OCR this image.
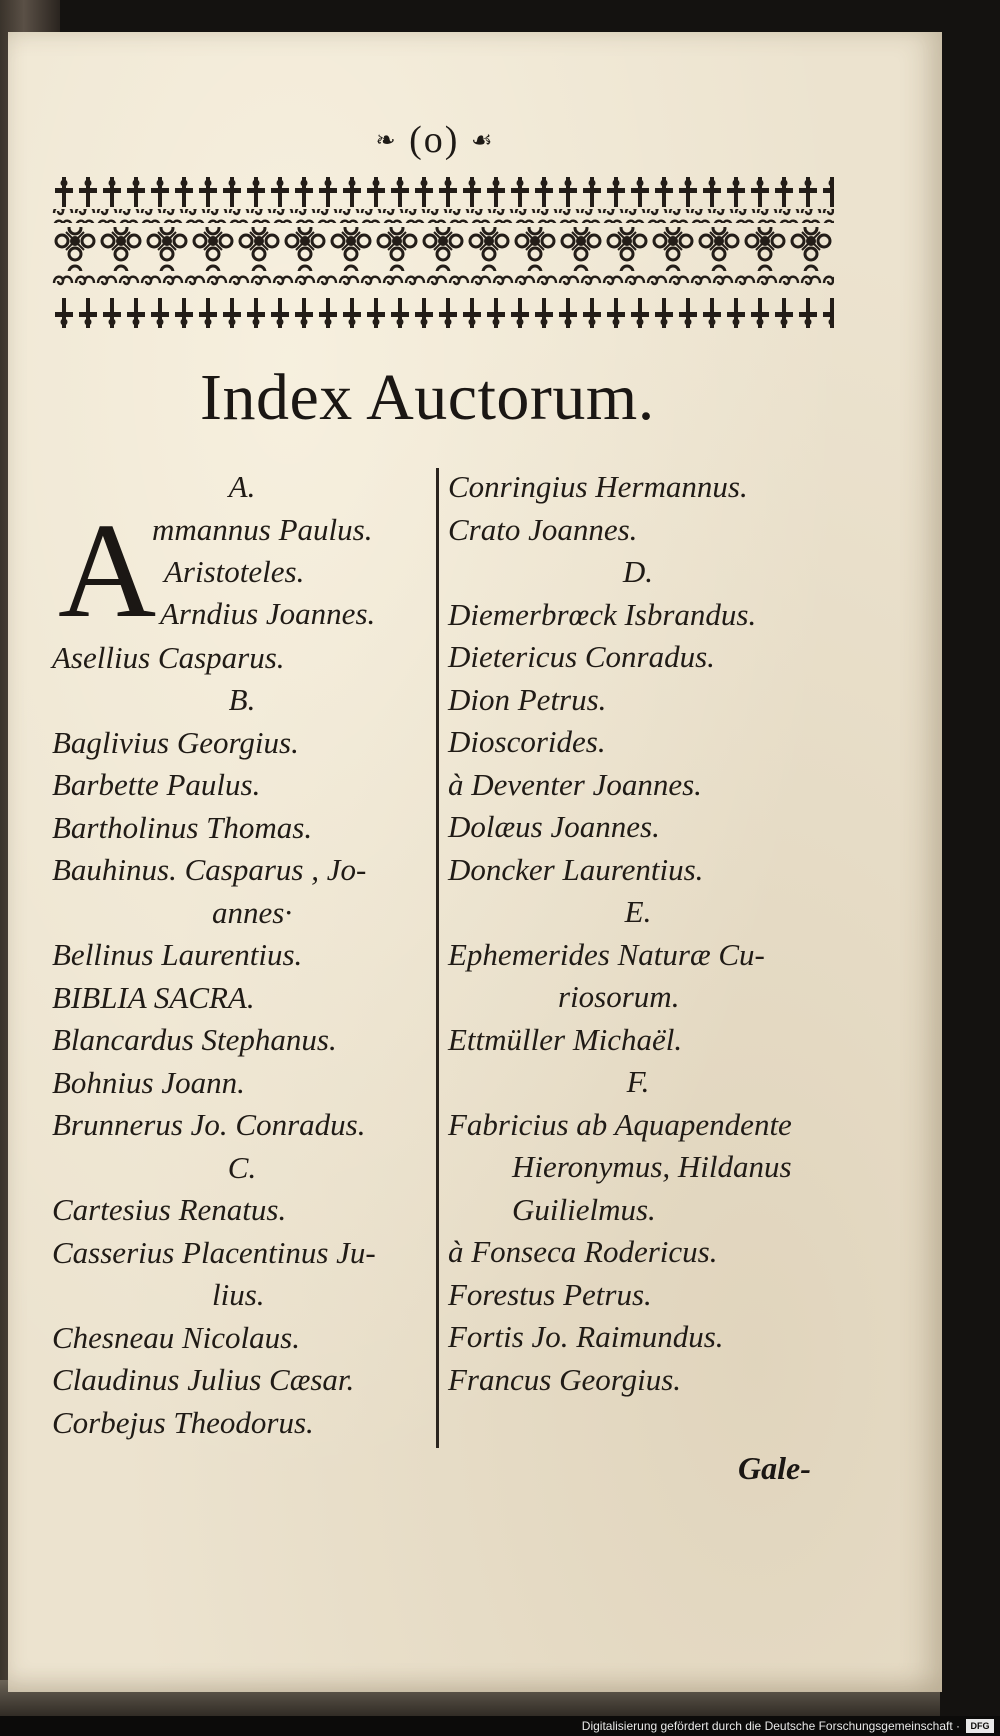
❧ (o) ☙
Index Auctorum.
A.
A
mmannus Paulus.
Aristoteles.
Arndius Joannes.
Asellius Casparus.
B.
Baglivius Georgius.
Barbette Paulus.
Bartholinus Thomas.
Bauhinus. Casparus , Jo-
annes·
Bellinus Laurentius.
BIBLIA SACRA.
Blancardus Stephanus.
Bohnius Joann.
Brunnerus Jo. Conradus.
C.
Cartesius Renatus.
Casserius Placentinus Ju-
lius.
Chesneau Nicolaus.
Claudinus Julius Cæsar.
Corbejus Theodorus.
Conringius Hermannus.
Crato Joannes.
D.
Diemerbrœck Isbrandus.
Dietericus Conradus.
Dion Petrus.
Dioscorides.
à Deventer Joannes.
Dolæus Joannes.
Doncker Laurentius.
E.
Ephemerides Naturæ Cu-
riosorum.
Ettmüller Michaël.
F.
Fabricius ab Aquapendente
Hieronymus, Hildanus
Guilielmus.
à Fonseca Rodericus.
Forestus Petrus.
Fortis Jo. Raimundus.
Francus Georgius.
Gale-
Digitalisierung gefördert durch die Deutsche Forschungsgemeinschaft ·	DFG
